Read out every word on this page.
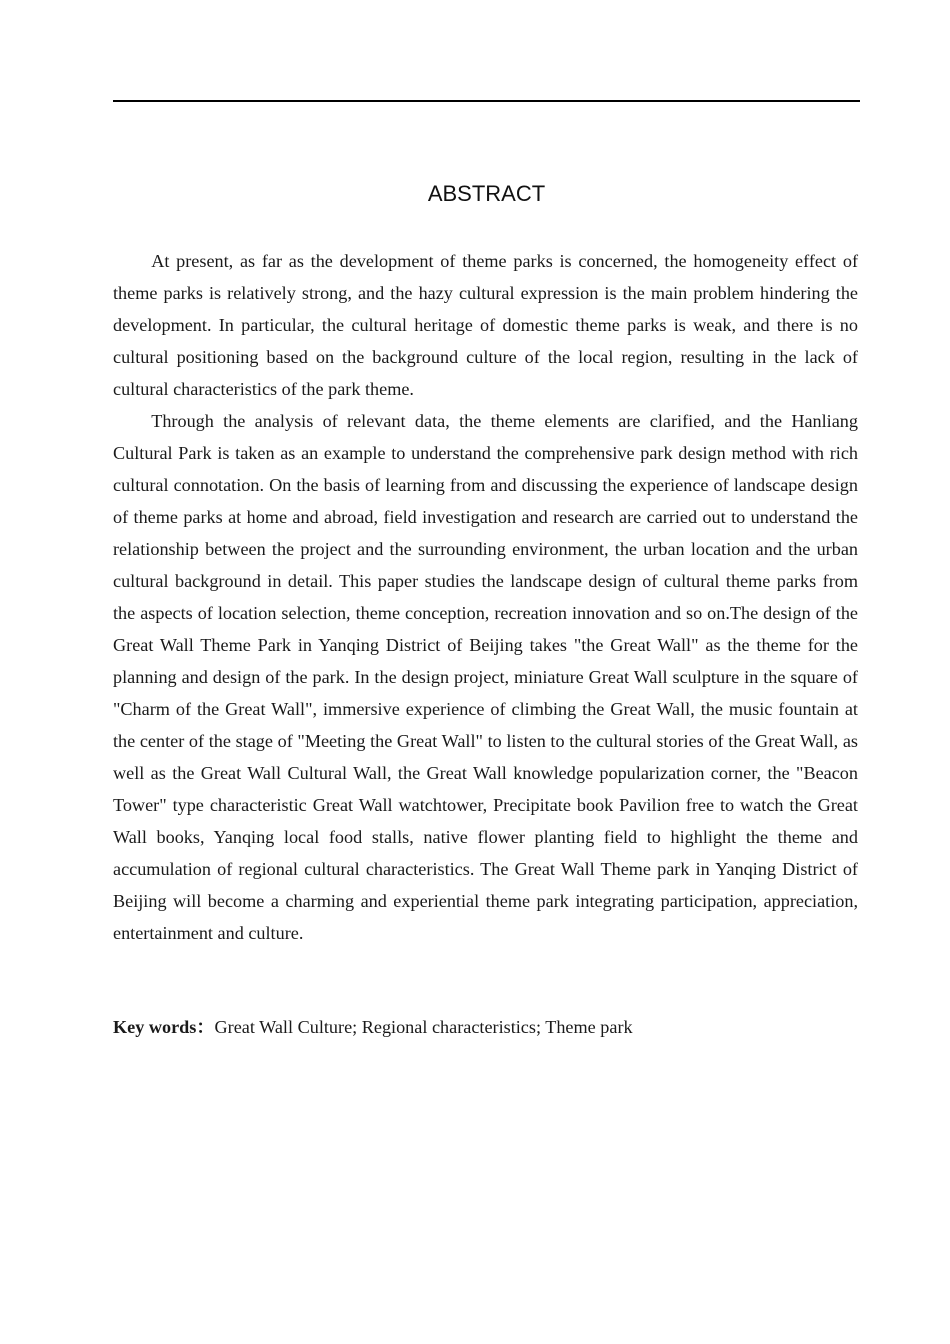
ABSTRACT

At present, as far as the development of theme parks is concerned, the homogeneity effect of theme parks is relatively strong, and the hazy cultural expression is the main problem hindering the development. In particular, the cultural heritage of domestic theme parks is weak, and there is no cultural positioning based on the background culture of the local region, resulting in the lack of cultural characteristics of the park theme.

Through the analysis of relevant data, the theme elements are clarified, and the Hanliang Cultural Park is taken as an example to understand the comprehensive park design method with rich cultural connotation. On the basis of learning from and discussing the experience of landscape design of theme parks at home and abroad, field investigation and research are carried out to understand the relationship between the project and the surrounding environment, the urban location and the urban cultural background in detail. This paper studies the landscape design of cultural theme parks from the aspects of location selection, theme conception, recreation innovation and so on.The design of the Great Wall Theme Park in Yanqing District of Beijing takes "the Great Wall" as the theme for the planning and design of the park. In the design project, miniature Great Wall sculpture in the square of "Charm of the Great Wall", immersive experience of climbing the Great Wall, the music fountain at the center of the stage of "Meeting the Great Wall" to listen to the cultural stories of the Great Wall, as well as the Great Wall Cultural Wall, the Great Wall knowledge popularization corner, the "Beacon Tower" type characteristic Great Wall watchtower, Precipitate book Pavilion free to watch the Great Wall books, Yanqing local food stalls, native flower planting field to highlight the theme and accumulation of regional cultural characteristics. The Great Wall Theme park in Yanqing District of Beijing will become a charming and experiential theme park integrating participation, appreciation, entertainment and culture.

Key words：Great Wall Culture; Regional characteristics; Theme park
